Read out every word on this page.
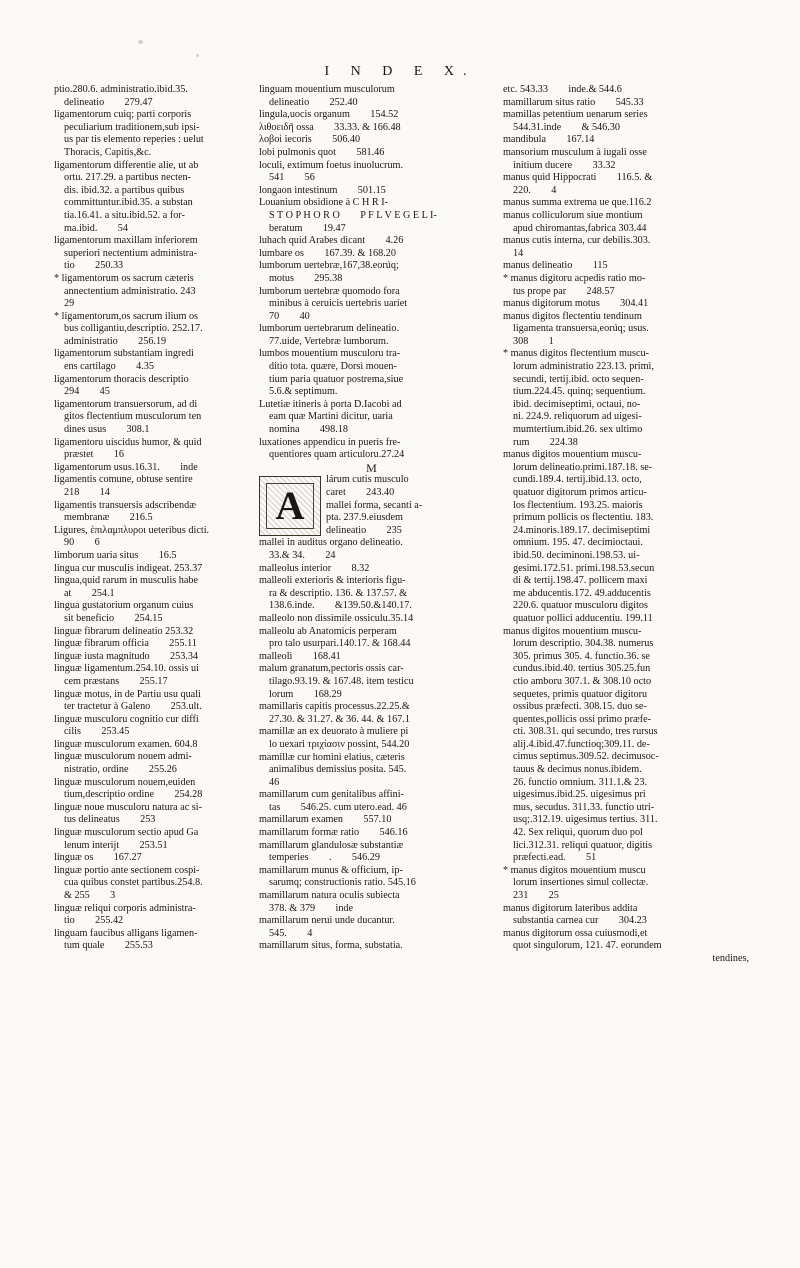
I N D E X.
ptio.280.6. administratio.ibid.35.
delineatio  279.47
ligamentorum cuiq; parti corporis
peculiarium traditionem,sub ipsi-
us par tis elemento reperies : uelut
Thoracis, Capitis,&c.
ligamentorum differentie alie, ut ab
ortu. 217.29. a partibus necten-
dis. ibid.32. a partibus quibus
committuntur.ibid.35. a substan
tia.16.41. a situ.ibid.52. a for-
ma.ibid.  54
ligamentorum maxillam inferiorem
superiori nectentium administra-
tio  250.33
* ligamentorum os sacrum cæteris
annectentium administratio. 243
29
* ligamentorum,os sacrum ilium os
bus colligantiu,descriptio. 252.17.
administratio  256.19
ligamentorum substantiam ingredi
ens cartilago  4.35
ligamentorum thoracis descriptio
294  45
ligamentorum transuersorum, ad di
gitos flectentium musculorum ten
dines usus  308.1
ligamentoru uiscidus humor, & quid
præstet  16
ligamentorum usus.16.31.  inde
ligamentis comune, obtuse sentire
218  14
ligamentis transuersis adscribendæ
membranæ  216.5
Ligures, ἐπιλαμπλυροι ueteribus dicti.
90  6
limborum uaria situs  16.5
lingua cur musculis indigeat. 253.37
lingua,quid rarum in musculis habe
at  254.1
lingua gustatorium organum cuius
sit beneficio  254.15
linguæ fibrarum delineatio 253.32
linguæ fibrarum officia  255.11
linguæ iusta magnitudo  253.34
linguæ ligamentum.254.10. ossis ui
cem præstans  255.17
linguæ motus, in de Partiu usu quali
ter tractetur à Galeno  253.ult.
linguæ musculoru cognitio cur diffi
cilis  253.45
linguæ musculorum examen. 604.8
linguæ musculorum nouem admi-
nistratio, ordine  255.26
linguæ musculorum nouem,euiden
tium,descriptio ordine  254.28
linguæ noue musculoru natura ac si-
tus delineatus  253
linguæ musculorum sectio apud Ga
lenum interijt  253.51
linguæ os  167.27
linguæ portio ante sectionem cospi-
cua quibus constet partibus.254.8.
& 255  3
linguæ reliqui corporis administra-
tio  255.42
linguam faucibus alligans ligamen-
tum quale  255.53
linguam mouentium musculorum
delineatio  252.40
lingula,uocis organum  154.52
λιθοειδῆ ossa  33.33. & 166.48
λοβοὶ iecoris  506.40
lobi pulmonis quot  581.46
loculi, extimum foetus inuolucrum.
541  56
longaon intestinum  501.15
Louanium obsidione à C H R I-
S T O P H O R O  P F L V E G E L I-
beratum  19.47
luhach quid Arabes dicant  4.26
lumbare os  167.39. & 168.20
lumborum uertebræ,167,38.eorúq;
motus  295.38
lumborum uertebræ quomodo fora
minibus à ceruicis uertebris uariet
70  40
lumborum uertebrarum delineatio.
77.uide, Vertebræ lumborum.
lumbos mouentium musculoru tra-
ditio tota. quære, Dorsi mouen-
tium paria quatuor postrema,siue
5.6.& septimum.
Lutetiæ itineris à porta D.Iacobi ad
eam quæ Martini dicitur, uaria
nomina  498.18
luxationes appendicu in pueris fre-
quentiores quam articuloru.27.24
M
A
lárum cutis musculo
caret  243.40
mallei forma, secanti a-
pta. 237.9.eiusdem
delineatio  235
mallei in auditus organo delineatio.
33.& 34.  24
malleolus interior  8.32
malleoli exterioris & interioris figu-
ra & descriptio. 136. & 137.57. &
138.6.inde.  &139.50.&140.17.
malleolo non dissimile ossiculu.35.14
malleolu ab Anatomicis perperam
pro talo usurpari.140.17. & 168.44
malleoli  168.41
malum granatum,pectoris ossis car-
tilago.93.19. & 167.48. item testicu
lorum  168.29
mamillaris capitis processus.22.25.&
27.30. & 31.27. & 36. 44. & 167.1
mamillæ an ex deuorato à muliere pi
lo uexari τριχίασιν possint, 544.20
mamillæ cur homini elatius, cæteris
animalibus demissius posita. 545.
46
mamillarum cum genitalibus affini-
tas  546.25. cum utero.ead. 46
mamillarum examen  557.10
mamillarum formæ ratio  546.16
mamillarum glandulosæ substantiæ
temperies  .  546.29
mamillarum munus & officium, ip-
sarumq; constructionis ratio. 545.16
mamillarum natura oculis subiecta
378. & 379  inde
mamillarum nerui unde ducantur.
545.  4
mamillarum situs, forma, substatia.
etc. 543.33  inde.& 544.6
mamillarum situs ratio  545.33
mamillas petentium uenarum series
544.31.inde  & 546.30
mandibula  167.14
mansorium musculum à iugali osse
initium ducere  33.32
manus quid Hippocrati  116.5. &
220.  4
manus summa extrema ue que.116.2
manus colliculorum siue montium
apud chiromantas,fabrica 303.44
manus cutis interna, cur debilis.303.
14
manus delineatio  115
* manus digitoru acpedis ratio mo-
tus prope par  248.57
manus digitorum motus  304.41
manus digitos flectentiu tendinum
ligamenta transuersa,eorúq; usus.
308  1
* manus digitos flectentium muscu-
lorum administratio 223.13. primi,
secundi, tertij.ibid. octo sequen-
tium.224.45. quinq; sequentium.
ibid. decimiseptimi, octaui, no-
ni. 224.9. reliquorum ad uigesi-
mumtertium.ibid.26. sex ultimo
rum  224.38
manus digitos mouentium muscu-
lorum delineatio.primi.187.18. se-
cundi.189.4. tertij.ibid.13. octo,
quatuor digitorum primos articu-
los flectentium. 193.25. maioris
primum pollicis os flectentiu. 183.
24.minoris.189.17. decimiseptimi
omnium. 195. 47. decimioctaui.
ibid.50. deciminoni.198.53. ui-
gesimi.172.51. primi.198.53.secun
di & tertij.198.47. pollicem maxi
me abducentis.172. 49.adducentis
220.6. quatuor musculoru digitos
quatuor pollici adducentiu. 199.11
manus digitos mouentium muscu-
lorum descriptio. 304.38. numerus
305. primus 305. 4. functio.36. se
cundus.ibid.40. tertius 305.25.fun
ctio amboru 307.1. & 308.10 octo
sequetes, primis quatuor digitoru
ossibus præfecti. 308.15. duo se-
quentes,pollicis ossi primo præfe-
cti. 308.31. qui secundo, tres rursus
alij.4.ibid.47.functioq;309.11. de-
cimus septimus.309.52. decimusoc-
tauus & decimus nonus.ibidem.
26. functio omnium. 311.1.& 23.
uigesimus.ibid.25. uigesimus pri
mus, secudus. 311.33. functio utri-
usq;.312.19. uigesimus tertius. 311.
42. Sex reliqui, quorum duo pol
lici.312.31. reliqui quatuor, digitis
præfecti.ead.  51
* manus digitos mouentium muscu
lorum insertiones simul collectæ.
231  25
manus digitorum lateribus addita
substantia carnea cur  304.23
manus digitorum ossa cuiusmodi,et
quot singulorum, 121. 47. eorundem
tendines,
